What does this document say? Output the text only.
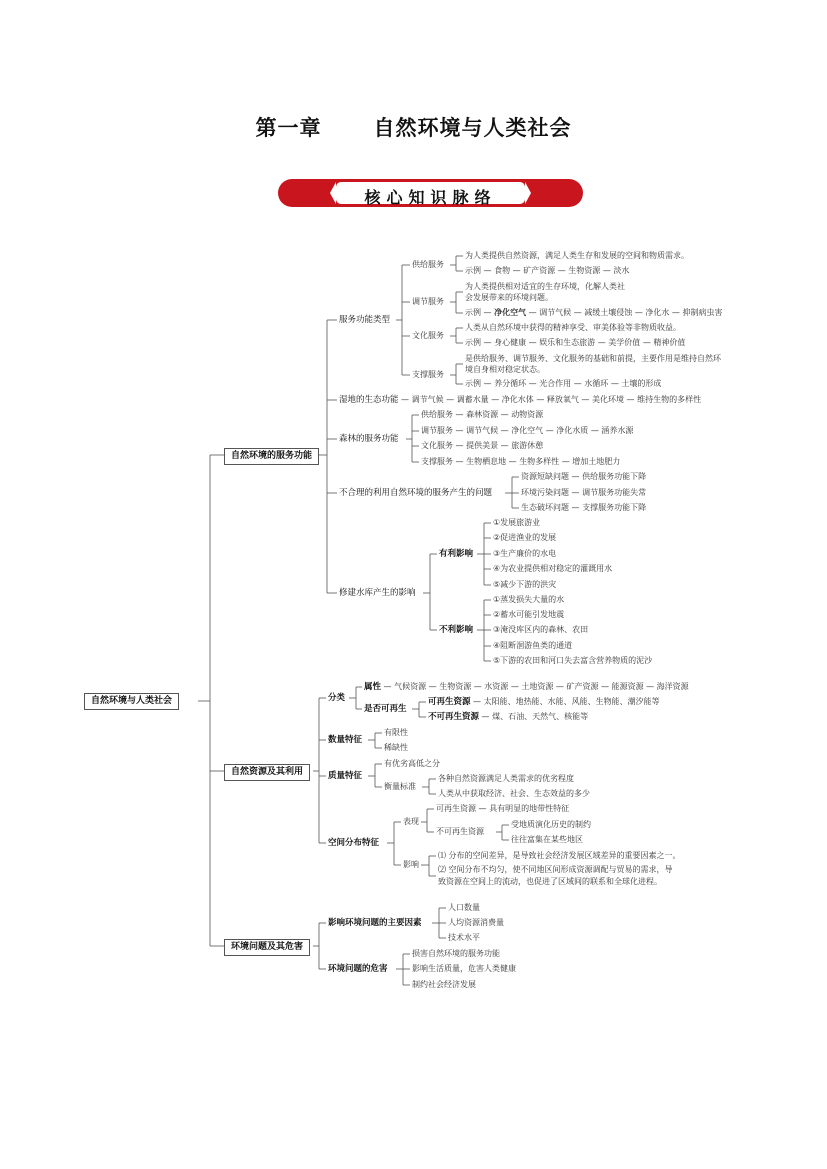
第一章 自然环境与人类社会
核心知识脉络
自然环境与人类社会
自然环境的服务功能
自然资源及其利用
环境问题及其危害
服务功能类型
供给服务
为人类提供自然资源，满足人类生存和发展的空间和物质需求。
示例 — 食物 — 矿产资源 — 生物资源 — 淡水
调节服务
为人类提供相对适宜的生存环境，化解人类社
会发展带来的环境问题。
示例 — 净化空气 — 调节气候 — 减缓土壤侵蚀 — 净化水 — 抑制病虫害
文化服务
人类从自然环境中获得的精神享受、审美体验等非物质收益。
示例 — 身心健康 — 娱乐和生态旅游 — 美学价值 — 精神价值
支撑服务
是供给服务、调节服务、文化服务的基础和前提，主要作用是维持自然环
境自身相对稳定状态。
示例 — 养分循环 — 光合作用 — 水循环 — 土壤的形成
湿地的生态功能 — 调节气候 — 调蓄水量 — 净化水体 — 释放氧气 — 美化环境 — 维持生物的多样性
森林的服务功能
供给服务 — 森林资源 — 动物资源
调节服务 — 调节气候 — 净化空气 — 净化水质 — 涵养水源
文化服务 — 提供美景 — 旅游休憩
支撑服务 — 生物栖息地 — 生物多样性 — 增加土地肥力
不合理的利用自然环境的服务产生的问题
资源短缺问题 — 供给服务功能下降
环境污染问题 — 调节服务功能失常
生态破坏问题 — 支撑服务功能下降
修建水库产生的影响
有利影响
①发展旅游业
②促进渔业的发展
③生产廉价的水电
④为农业提供相对稳定的灌溉用水
⑤减少下游的洪灾
不利影响
①蒸发损失大量的水
②蓄水可能引发地震
③淹没库区内的森林、农田
④阻断洄游鱼类的通道
⑤下游的农田和河口失去富含营养物质的泥沙
分类
属性 — 气候资源 — 生物资源 — 水资源 — 土地资源 — 矿产资源 — 能源资源 — 海洋资源
是否可再生
可再生资源 — 太阳能、地热能、水能、风能、生物能、潮汐能等
不可再生资源 — 煤、石油、天然气、核能等
数量特征
有限性
稀缺性
质量特征
有优劣高低之分
衡量标准
各种自然资源满足人类需求的优劣程度
人类从中获取经济、社会、生态效益的多少
空间分布特征
表现
可再生资源 — 具有明显的地带性特征
不可再生资源
受地质演化历史的制约
往往富集在某些地区
影响
⑴ 分布的空间差异，是导致社会经济发展区域差异的重要因素之一。
⑵ 空间分布不均匀，使不同地区间形成资源调配与贸易的需求，导
致资源在空间上的流动，也促进了区域间的联系和全球化进程。
影响环境问题的主要因素
人口数量
人均资源消费量
技术水平
环境问题的危害
损害自然环境的服务功能
影响生活质量，危害人类健康
制约社会经济发展
